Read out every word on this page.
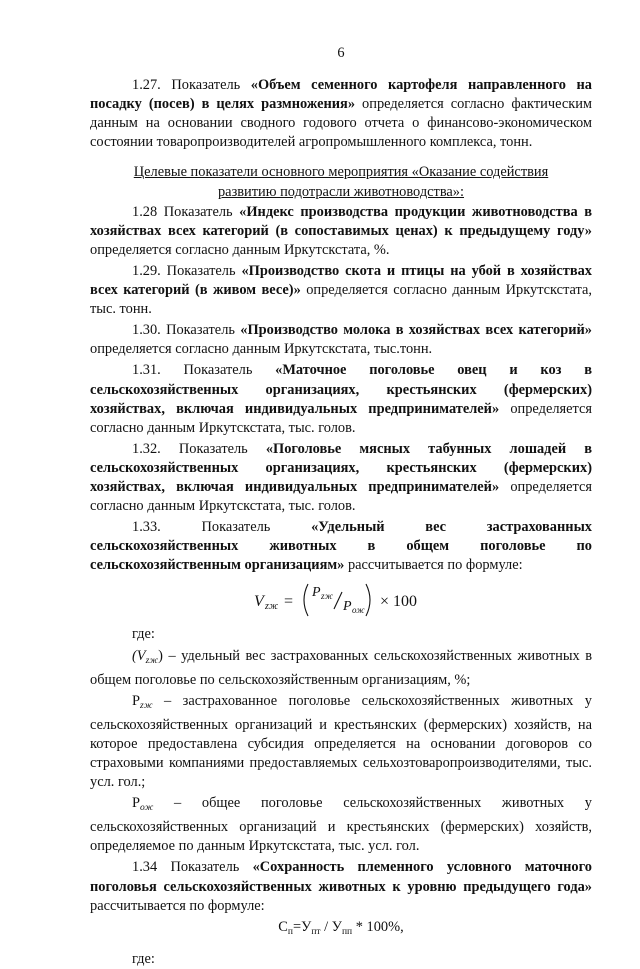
6

1.27. Показатель «Объем семенного картофеля направленного на посадку (посев) в целях размножения» определяется согласно фактическим данным на основании сводного годового отчета о финансово-экономическом состоянии товаропроизводителей агропромышленного комплекса, тонн.

Целевые показатели основного мероприятия «Оказание содействия
развитию подотрасли животноводства»:

1.28 Показатель «Индекс производства продукции животноводства в хозяйствах всех категорий (в сопоставимых ценах) к предыдущему году» определяется согласно данным Иркутскстата, %.

1.29. Показатель «Производство скота и птицы на убой в хозяйствах всех категорий (в живом весе)» определяется согласно данным Иркутскстата, тыс. тонн.

1.30. Показатель «Производство молока в хозяйствах всех категорий» определяется согласно данным Иркутскстата, тыс.тонн.

1.31. Показатель «Маточное поголовье овец и коз в сельскохозяйственных организациях, крестьянских (фермерских) хозяйствах, включая индивидуальных предпринимателей» определяется согласно данным Иркутскстата, тыс. голов.

1.32. Показатель «Поголовье мясных табунных лошадей в сельскохозяйственных организациях, крестьянских (фермерских) хозяйствах, включая индивидуальных предпринимателей» определяется согласно данным Иркутскстата, тыс. голов.

1.33. Показатель «Удельный вес застрахованных сельскохозяйственных животных в общем поголовье по сельскохозяйственным организациям» рассчитывается по формуле:

V zж =
P zж
P ож × 100

где:

$(V_{zж})$ – удельный вес застрахованных сельскохозяйственных животных в общем поголовье по сельскохозяйственным организациям, %;

$P_{zж}$ – застрахованное поголовье сельскохозяйственных животных у сельскохозяйственных организаций и крестьянских (фермерских) хозяйств, на которое предоставлена субсидия определяется на основании договоров со страховыми компаниями предоставляемых сельхозтоваропроизводителями, тыс. усл. гол.;

$P_{ож}$ – общее поголовье сельскохозяйственных животных у сельскохозяйственных организаций и крестьянских (фермерских) хозяйств, определяемое по данным Иркутскстата, тыс. усл. гол.

1.34 Показатель «Сохранность племенного условного маточного поголовья сельскохозяйственных животных к уровню предыдущего года» рассчитывается по формуле:

$С_п=У_{пт} / У_{пп} * 100\%$,

где:
